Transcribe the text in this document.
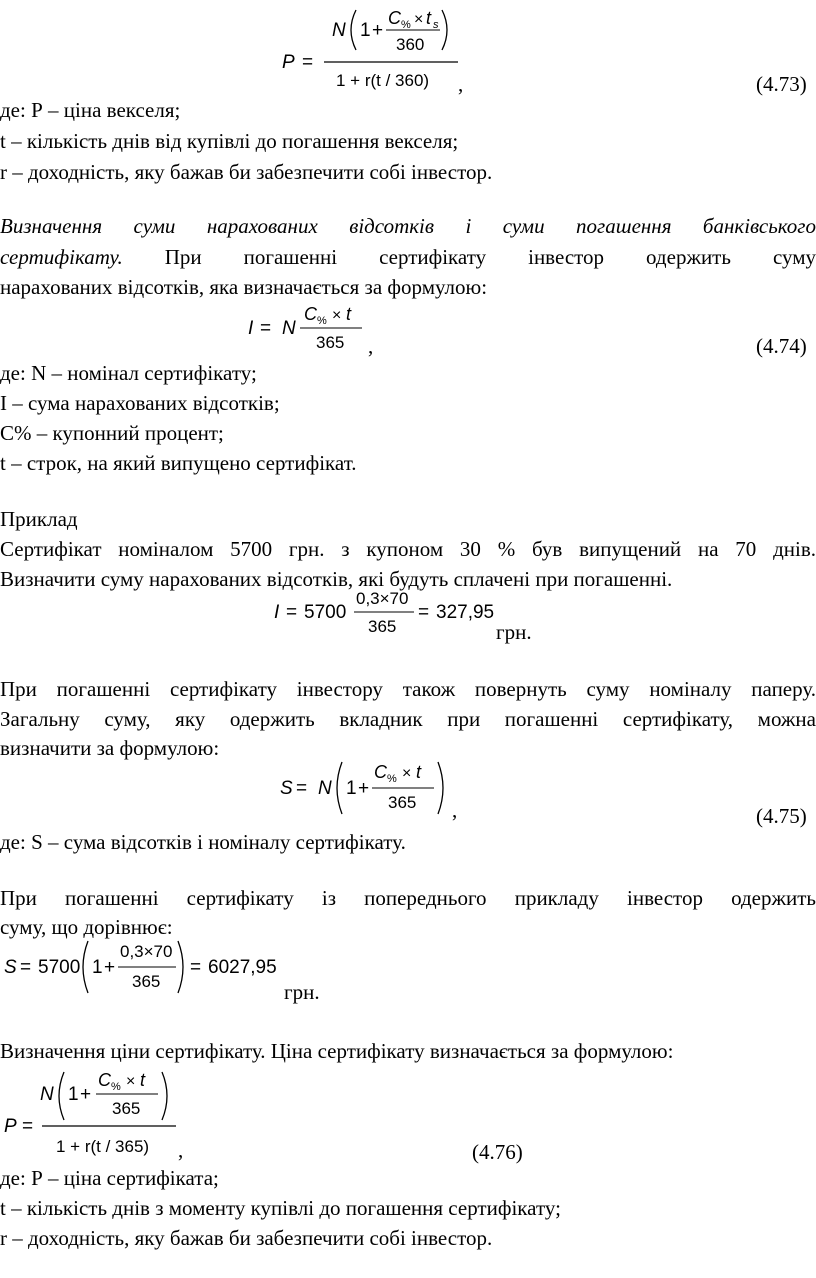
P =
N 1 +
C % × t s
360
1 + r(t / 360) ,	(4.73)

де: Р – ціна векселя;

t – кількість днів від купівлі до погашення векселя;

r – доходність, яку бажав би забезпечити собі інвестор.

Визначення суми нарахованих відсотків і суми погашення банківського

сертифікату. При погашенні сертифікату інвестор одержить суму

нарахованих відсотків, яка визначається за формулою:

I = N
C % × t
365 ,	(4.74)

де: N – номінал сертифікату;

I – сума нарахованих відсотків;

С% – купонний процент;

t – строк, на який випущено сертифікат.

Приклад

Сертифікат номіналом 5700 грн. з купоном 30 % був випущений на 70 днів.

Визначити суму нарахованих відсотків, які будуть сплачені при погашенні.

I = 5700
0,3×70
365
= 327,95
грн.

При погашенні сертифікату інвестору також повернуть суму номіналу паперу.

Загальну суму, яку одержить вкладник при погашенні сертифікату, можна

визначити за формулою:

S = N 1 +
C % × t
365 ,	(4.75)

де: S – сума відсотків і номіналу сертифікату.

При погашенні сертифікату із попереднього прикладу інвестор одержить

суму, що дорівнює:

S = 5700 1 +
0,3×70
365
= 6027,95
грн.

Визначення ціни сертифікату. Ціна сертифікату визначається за формулою:

P =
N 1 +
C % × t
365
1 + r(t / 365) ,	(4.76)

де: Р – ціна сертифіката;

t – кількість днів з моменту купівлі до погашення сертифікату;

r – доходність, яку бажав би забезпечити собі інвестор.
